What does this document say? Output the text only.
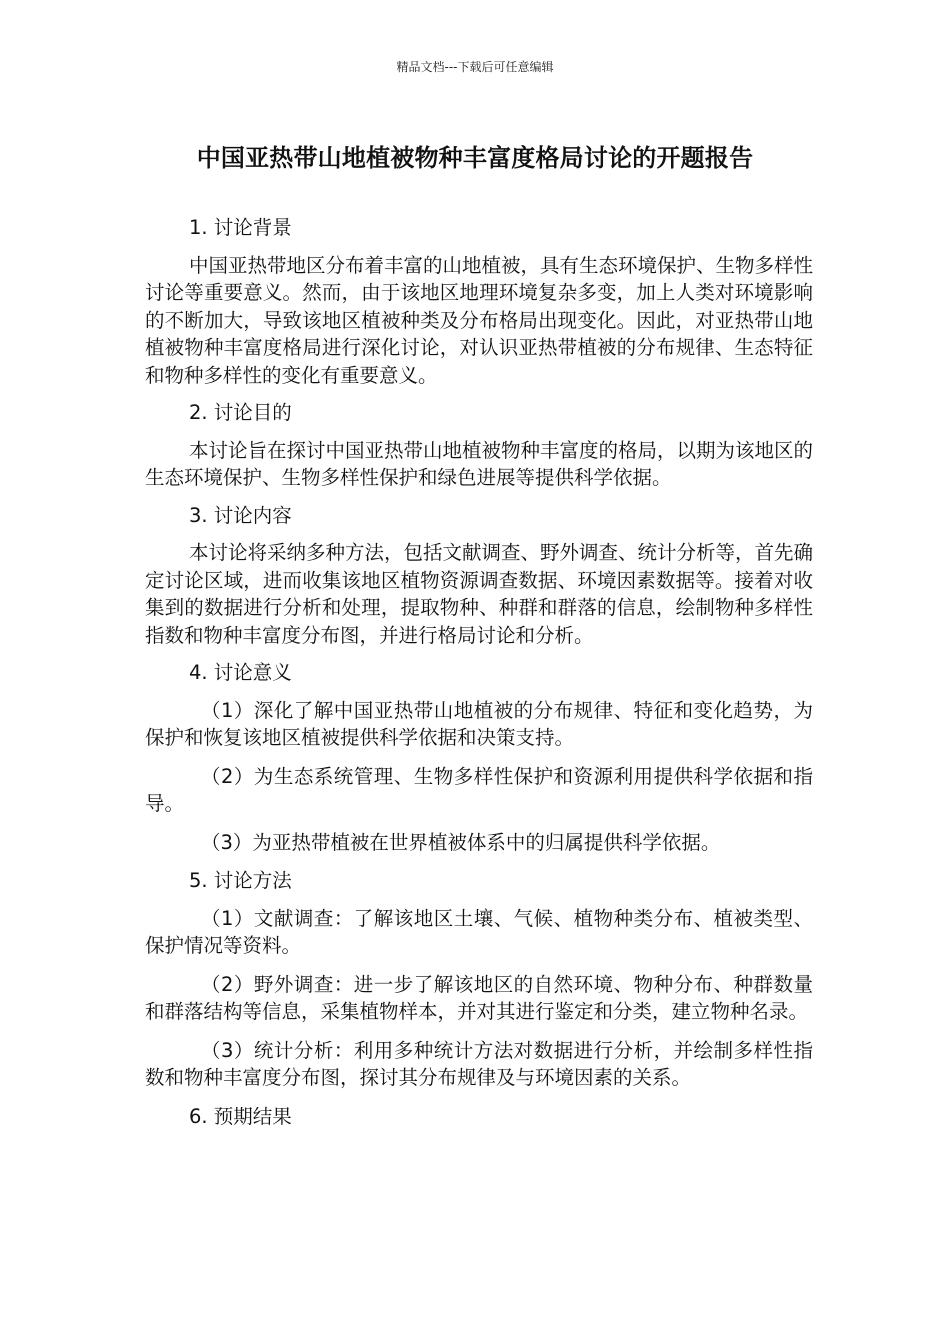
精品文档---下载后可任意编辑
中国亚热带山地植被物种丰富度格局讨论的开题报告
1. 讨论背景
中国亚热带地区分布着丰富的山地植被，具有生态环境保护、生物多样性讨论等重要意义。然而，由于该地区地理环境复杂多变，加上人类对环境影响的不断加大，导致该地区植被种类及分布格局出现变化。因此，对亚热带山地植被物种丰富度格局进行深化讨论，对认识亚热带植被的分布规律、生态特征和物种多样性的变化有重要意义。
2. 讨论目的
本讨论旨在探讨中国亚热带山地植被物种丰富度的格局，以期为该地区的生态环境保护、生物多样性保护和绿色进展等提供科学依据。
3. 讨论内容
本讨论将采纳多种方法，包括文献调查、野外调查、统计分析等，首先确定讨论区域，进而收集该地区植物资源调查数据、环境因素数据等。接着对收集到的数据进行分析和处理，提取物种、种群和群落的信息，绘制物种多样性指数和物种丰富度分布图，并进行格局讨论和分析。
4. 讨论意义
（1）深化了解中国亚热带山地植被的分布规律、特征和变化趋势，为保护和恢复该地区植被提供科学依据和决策支持。
（2）为生态系统管理、生物多样性保护和资源利用提供科学依据和指导。
（3）为亚热带植被在世界植被体系中的归属提供科学依据。
5. 讨论方法
（1）文献调查：了解该地区土壤、气候、植物种类分布、植被类型、保护情况等资料。
（2）野外调查：进一步了解该地区的自然环境、物种分布、种群数量和群落结构等信息，采集植物样本，并对其进行鉴定和分类，建立物种名录。
（3）统计分析：利用多种统计方法对数据进行分析，并绘制多样性指数和物种丰富度分布图，探讨其分布规律及与环境因素的关系。
6. 预期结果
